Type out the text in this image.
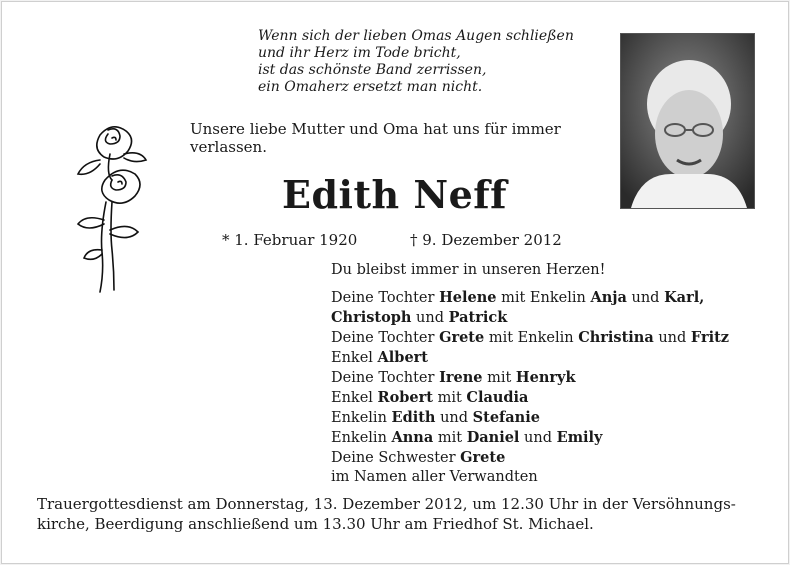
Wenn sich der lieben Omas Augen schließen
und ihr Herz im Tode bricht,
ist das schönste Band zerrissen,
ein Omaherz ersetzt man nicht.
Unsere liebe Mutter und Oma hat uns für immer
verlassen.
Edith Neff
* 1. Februar 1920	† 9. Dezember 2012
Du bleibst immer in unseren Herzen!
Deine Tochter Helene mit Enkelin Anja und Karl,
Christoph und Patrick
Deine Tochter Grete mit Enkelin Christina und Fritz
Enkel Albert
Deine Tochter Irene mit Henryk
Enkel Robert mit Claudia
Enkelin Edith und Stefanie
Enkelin Anna mit Daniel und Emily
Deine Schwester Grete
im Namen aller Verwandten
Trauergottesdienst am Donnerstag, 13. Dezember 2012, um 12.30 Uhr in der Versöhnungs-
kirche, Beerdigung anschließend um 13.30 Uhr am Friedhof St. Michael.
